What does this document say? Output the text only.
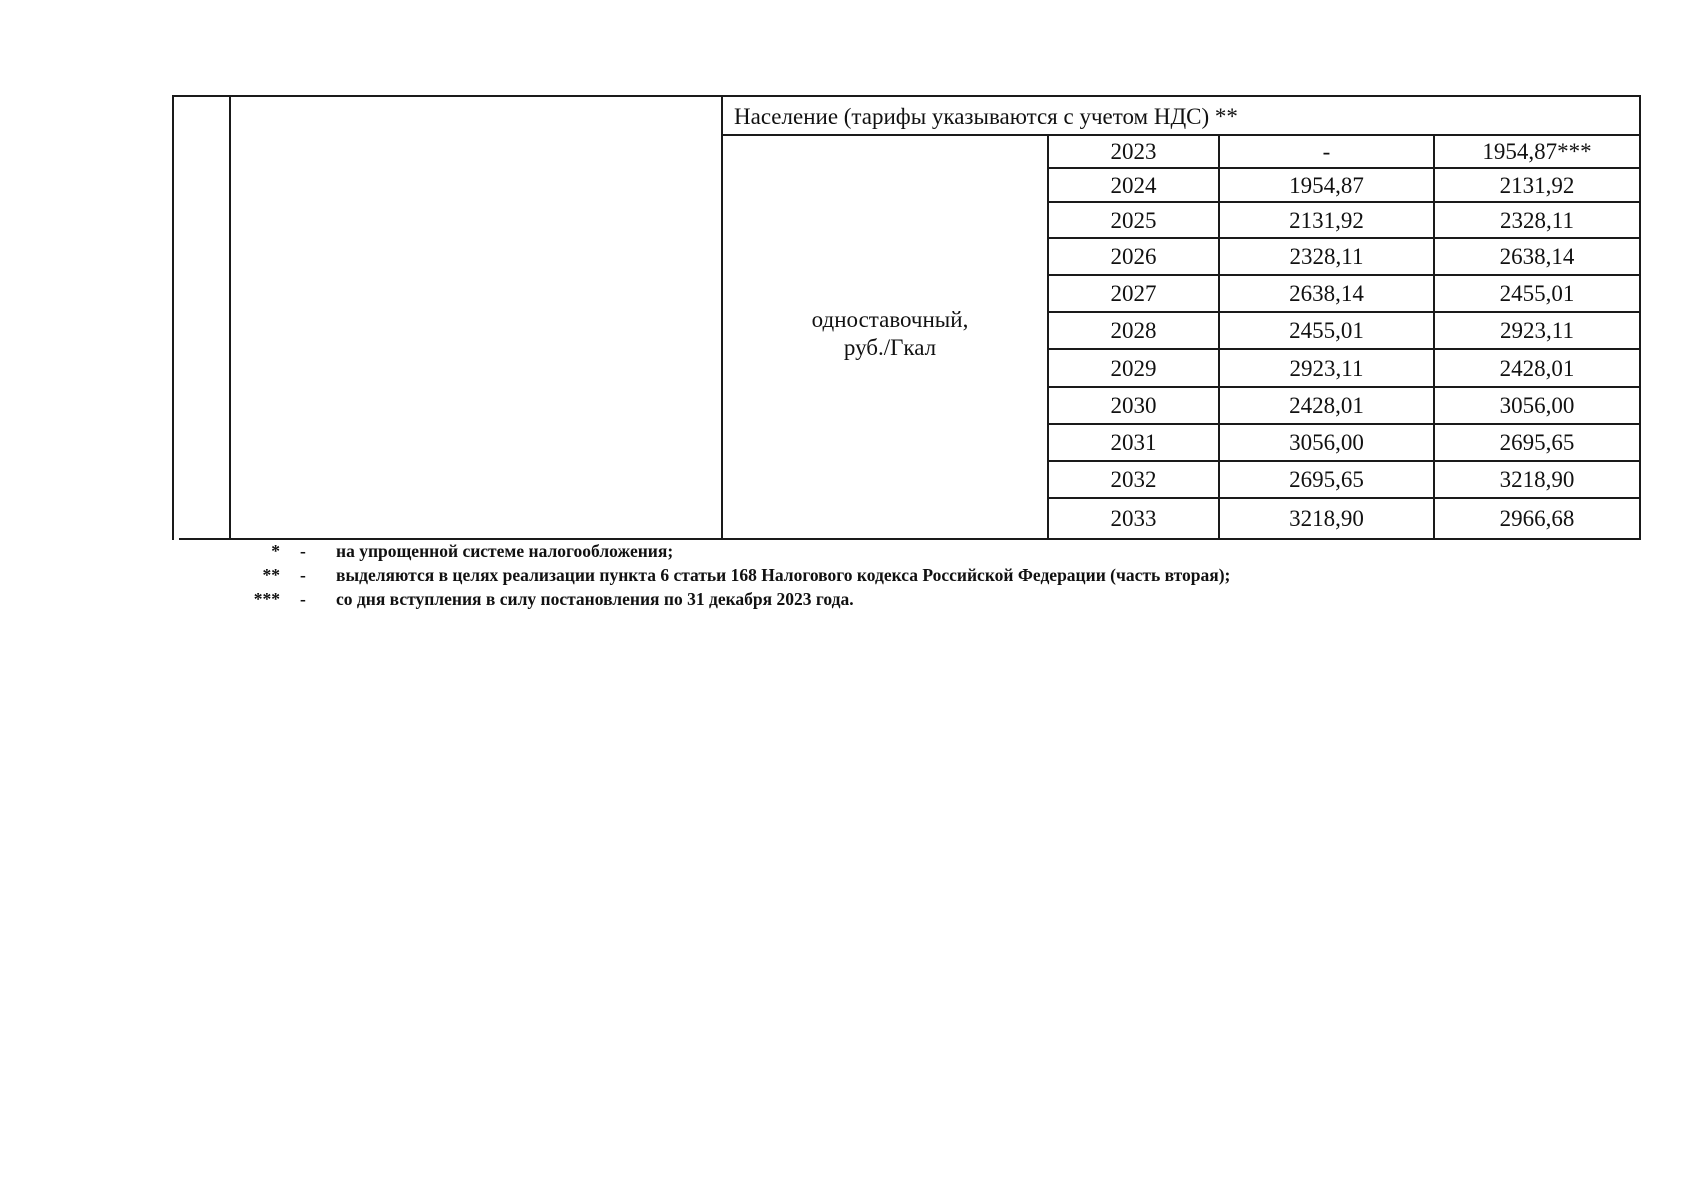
Население (тарифы указываются с учетом НДС) **
одноставочный,
руб./Гкал
2023	-	1954,87***
2024	1954,87	2131,92
2025	2131,92	2328,11
2026	2328,11	2638,14
2027	2638,14	2455,01
2028	2455,01	2923,11
2029	2923,11	2428,01
2030	2428,01	3056,00
2031	3056,00	2695,65
2032	2695,65	3218,90
2033	3218,90	2966,68
* - на упрощенной системе налогообложения;
** - выделяются в целях реализации пункта 6 статьи 168 Налогового кодекса Российской Федерации (часть вторая);
*** - со дня вступления в силу постановления по 31 декабря 2023 года.
